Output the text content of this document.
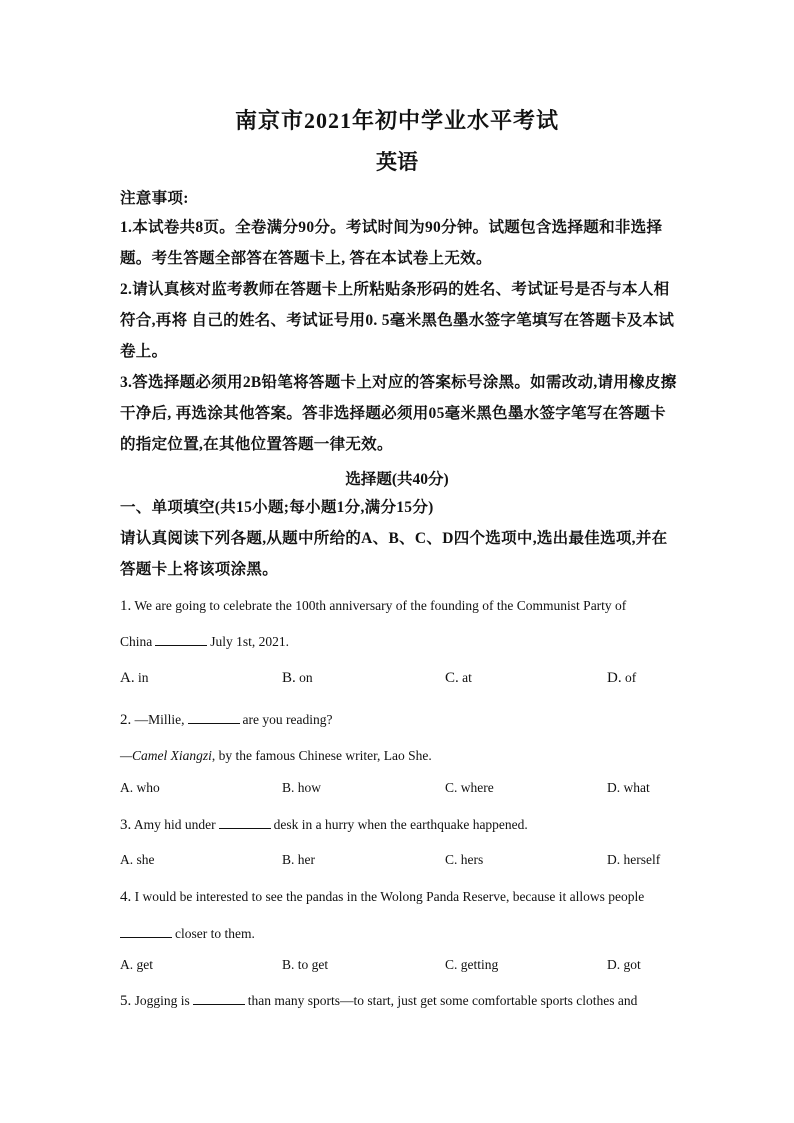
南京市2021年初中学业水平考试
英语
注意事项:
1.本试卷共8页。全卷满分90分。考试时间为90分钟。试题包含选择题和非选择题。考生答题全部答在答题卡上, 答在本试卷上无效。
2.请认真核对监考教师在答题卡上所粘贴条形码的姓名、考试证号是否与本人相符合,再将 自己的姓名、考试证号用0. 5毫米黑色墨水签字笔填写在答题卡及本试卷上。
3.答选择题必须用2B铅笔将答题卡上对应的答案标号涂黑。如需改动,请用橡皮擦干净后, 再选涂其他答案。答非选择题必须用05毫米黑色墨水签字笔写在答题卡的指定位置,在其他位置答题一律无效。
选择题(共40分)
一、单项填空(共15小题;每小题1分,满分15分)
请认真阅读下列各题,从题中所给的A、B、C、D四个选项中,选出最佳选项,并在答题卡上将该项涂黑。
1. We are going to celebrate the 100th anniversary of the founding of the Communist Party of
China	July 1st, 2021.
A. in	B. on	C. at	D. of
2. —Millie,	are you reading?
—Camel Xiangzi, by the famous Chinese writer, Lao She.
A. who	B. how	C. where	D. what
3. Amy hid under	desk in a hurry when the earthquake happened.
A. she	B. her	C. hers	D. herself
4. I would be interested to see the pandas in the Wolong Panda Reserve, because it allows people
closer to them.
A. get	B. to get	C. getting	D. got
5. Jogging is	than many sports—to start, just get some comfortable sports clothes and
